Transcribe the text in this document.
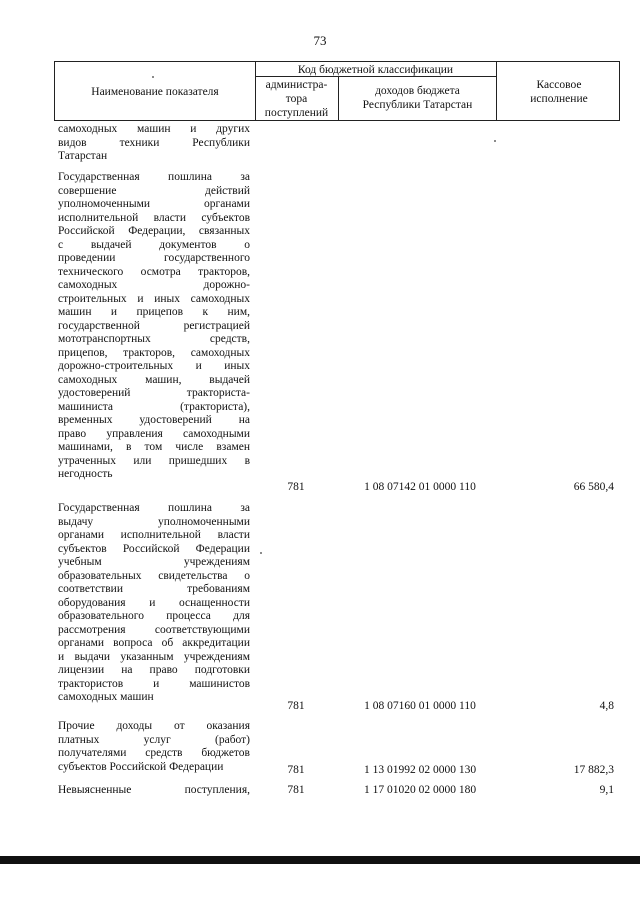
73
Наименование показателя
Код бюджетной классификации
администра-
тора
поступлений
доходов бюджета
Республики Татарстан
Кассовое
исполнение
самоходных машин и других
видов техники Республики
Татарстан
Государственная пошлина за
совершение действий
уполномоченными органами
исполнительной власти субъектов
Российской Федерации, связанных
с выдачей документов о
проведении государственного
технического осмотра тракторов,
самоходных дорожно-
строительных и иных самоходных
машин и прицепов к ним,
государственной регистрацией
мототранспортных средств,
прицепов, тракторов, самоходных
дорожно-строительных и иных
самоходных машин, выдачей
удостоверений тракториста-
машиниста (тракториста),
временных удостоверений на
право управления самоходными
машинами, в том числе взамен
утраченных или пришедших в
негодность
781	1 08 07142 01 0000 110	66 580,4
Государственная пошлина за
выдачу уполномоченными
органами исполнительной власти
субъектов Российской Федерации
учебным учреждениям
образовательных свидетельства о
соответствии требованиям
оборудования и оснащенности
образовательного процесса для
рассмотрения соответствующими
органами вопроса об аккредитации
и выдачи указанным учреждениям
лицензии на право подготовки
трактористов и машинистов
самоходных машин
781	1 08 07160 01 0000 110	4,8
Прочие доходы от оказания
платных услуг (работ)
получателями средств бюджетов
субъектов Российской Федерации	781	1 13 01992 02 0000 130	17 882,3
Невыясненные поступления,	781	1 17 01020 02 0000 180	9,1
